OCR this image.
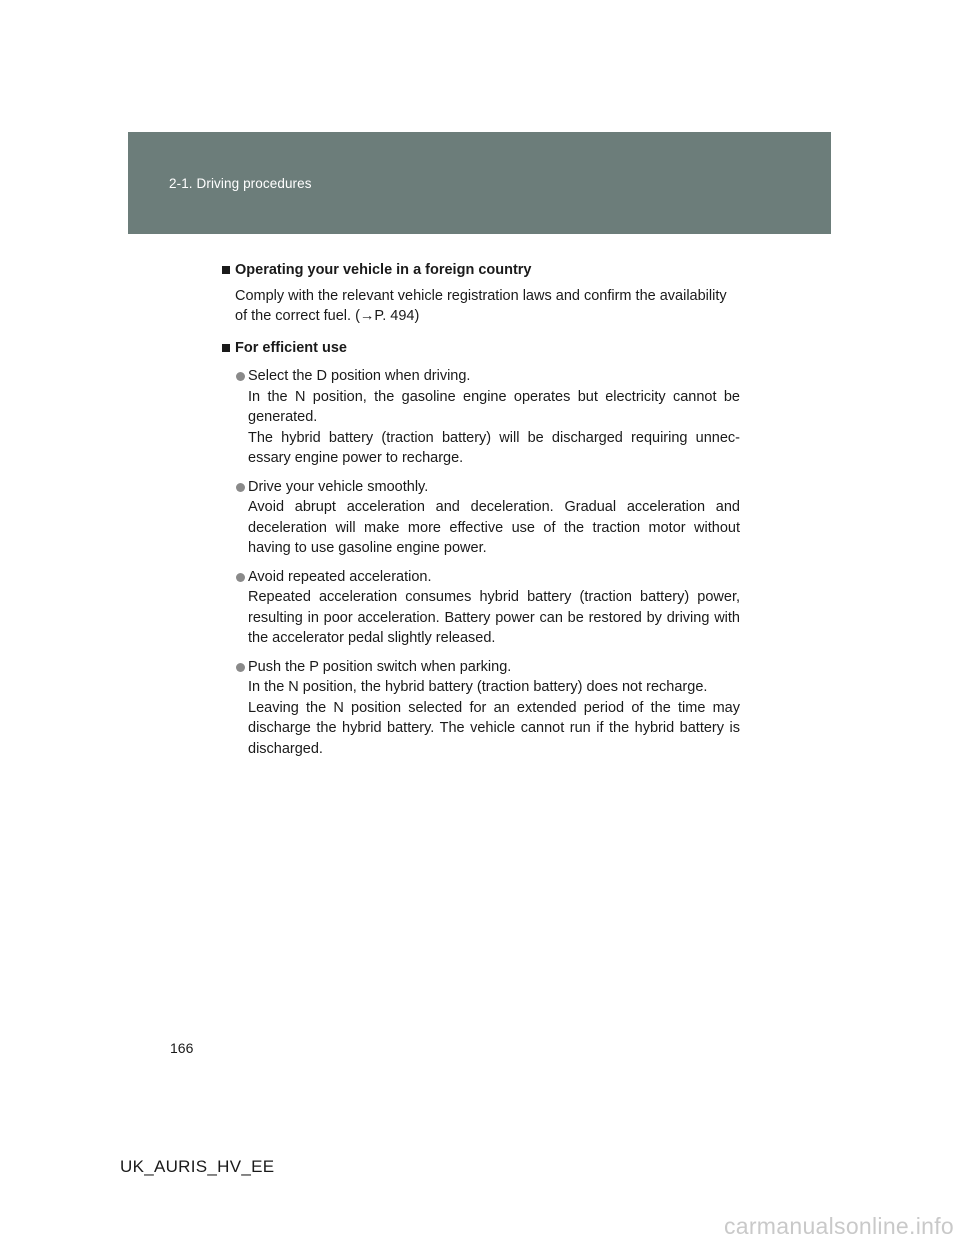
2-1. Driving procedures
Operating your vehicle in a foreign country
Comply with the relevant vehicle registration laws and confirm the availability
of the correct fuel. (→P. 494)
For efficient use
Select the D position when driving.
In the N position, the gasoline engine operates but electricity cannot be generated.
The hybrid battery (traction battery) will be discharged requiring unnec-essary engine power to recharge.
Drive your vehicle smoothly.
Avoid abrupt acceleration and deceleration. Gradual acceleration and deceleration will make more effective use of the traction motor without having to use gasoline engine power.
Avoid repeated acceleration.
Repeated acceleration consumes hybrid battery (traction battery) power, resulting in poor acceleration. Battery power can be restored by driving with the accelerator pedal slightly released.
Push the P position switch when parking.
In the N position, the hybrid battery (traction battery) does not recharge.
Leaving the N position selected for an extended period of the time may discharge the hybrid battery. The vehicle cannot run if the hybrid battery is discharged.
166
UK_AURIS_HV_EE
carmanualsonline.info
